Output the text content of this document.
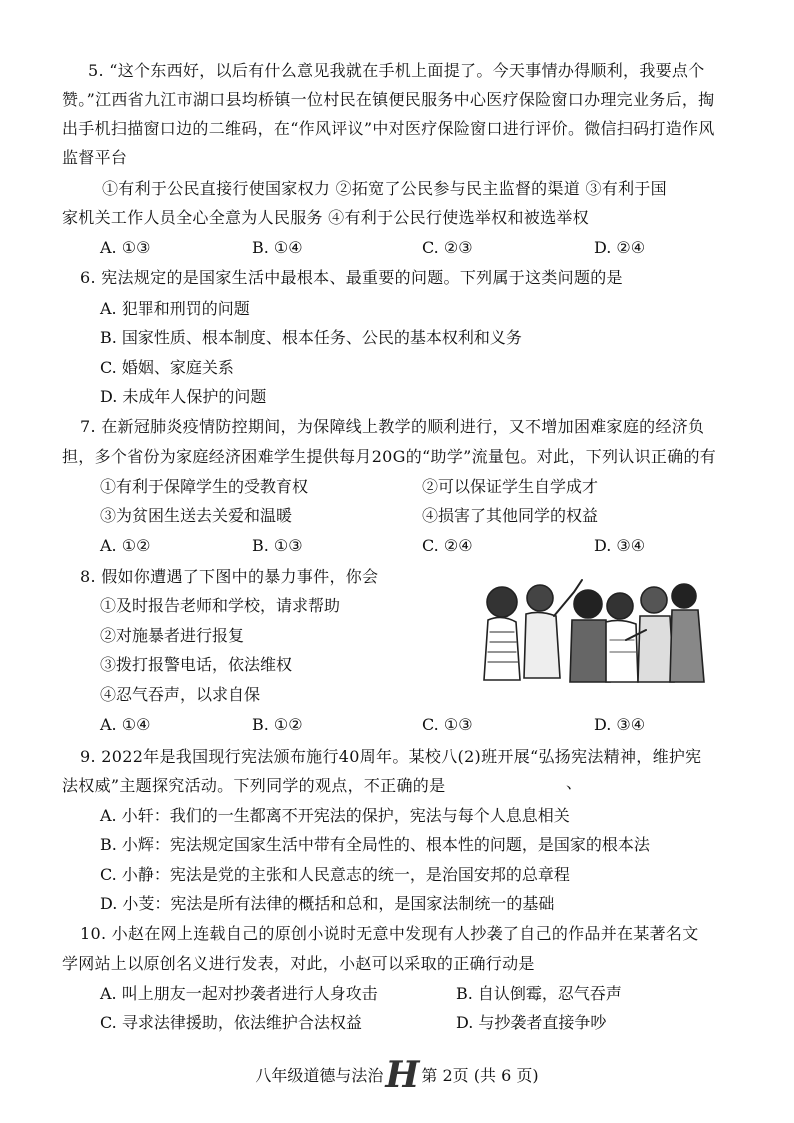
5. “这个东西好，以后有什么意见我就在手机上面提了。今天事情办得顺利，我要点个
赞。”江西省九江市湖口县均桥镇一位村民在镇便民服务中心医疗保险窗口办理完业务后，掏
出手机扫描窗口边的二维码，在“作风评议”中对医疗保险窗口进行评价。微信扫码打造作风
监督平台
①有利于公民直接行使国家权力 ②拓宽了公民参与民主监督的渠道 ③有利于国
家机关工作人员全心全意为人民服务 ④有利于公民行使选举权和被选举权
A. ①③	B. ①④	C. ②③	D. ②④
6. 宪法规定的是国家生活中最根本、最重要的问题。下列属于这类问题的是
A. 犯罪和刑罚的问题
B. 国家性质、根本制度、根本任务、公民的基本权利和义务
C. 婚姻、家庭关系
D. 未成年人保护的问题
7. 在新冠肺炎疫情防控期间，为保障线上教学的顺利进行，又不增加困难家庭的经济负
担，多个省份为家庭经济困难学生提供每月20G的“助学”流量包。对此，下列认识正确的有
①有利于保障学生的受教育权	②可以保证学生自学成才
③为贫困生送去关爱和温暖	④损害了其他同学的权益
A. ①②	B. ①③	C. ②④	D. ③④
8. 假如你遭遇了下图中的暴力事件，你会
①及时报告老师和学校，请求帮助
②对施暴者进行报复
③拨打报警电话，依法维权
④忍气吞声，以求自保
A. ①④	B. ①②	C. ①③	D. ③④
9. 2022年是我国现行宪法颁布施行40周年。某校八(2)班开展“弘扬宪法精神，维护宪
法权威”主题探究活动。下列同学的观点，不正确的是	、
A. 小轩：我们的一生都离不开宪法的保护，宪法与每个人息息相关
B. 小辉：宪法规定国家生活中带有全局性的、根本性的问题，是国家的根本法
C. 小静：宪法是党的主张和人民意志的统一，是治国安邦的总章程
D. 小芰：宪法是所有法律的概括和总和，是国家法制统一的基础
10. 小赵在网上连载自己的原创小说时无意中发现有人抄袭了自己的作品并在某著名文
学网站上以原创名义进行发表，对此，小赵可以采取的正确行动是
A. 叫上朋友一起对抄袭者进行人身攻击	B. 自认倒霉，忍气吞声
C. 寻求法律援助，依法维护合法权益	D. 与抄袭者直接争吵
八年级道德与法治H 第 2页 (共 6 页)
